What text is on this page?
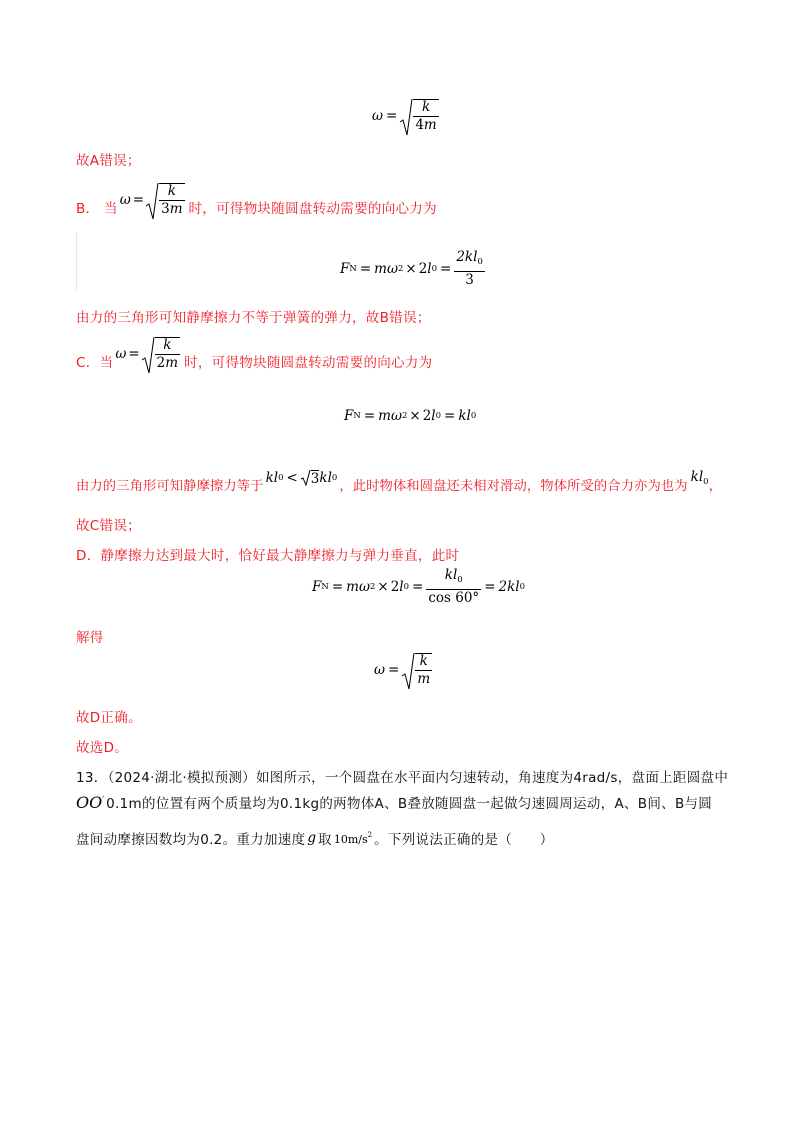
$\omega = \frac{k}{4m}$
故A错误；
B． 当
$\omega = \frac{k}{3m}$ 时，可得物块随圆盘转动需要的向心力为
F N = m ω 2 × 2 l $0 = \frac{2kl_0}{3}$
由力的三角形可知静摩擦力不等于弹簧的弹力，故B错误；
C．当
$\omega = \frac{k}{2m}$ 时，可得物块随圆盘转动需要的向心力为
F N = m ω 2 × 2 l 0 = kl 0
由力的三角形可知静摩擦力等于 kl 0 < 3 kl 0
，此时物体和圆盘还未相对滑动，物体所受的合力亦为也为
$kl_0$ ，
故C错误；
D．静摩擦力达到最大时，恰好最大静摩擦力与弹力垂直，此时
F N = m ω 2 × 2 l $0 = \frac{kl_0}{\cos 60^\circ} = 2kl$ 0
解得
$\omega = \frac{k}{m}$
故D正确。
故选D。
13．（2024·湖北·模拟预测）如图所示，一个圆盘在水平面内匀速转动，角速度为4rad/s，盘面上距圆盘中
OO′ 0.1m的位置有两个质量均为0.1kg的两物体A、B叠放随圆盘一起做匀速圆周运动，A、B间、B与圆
盘间动摩擦因数均为0.2。重力加速度 g 取 $10m/s^2$ 。下列说法正确的是（　　）
